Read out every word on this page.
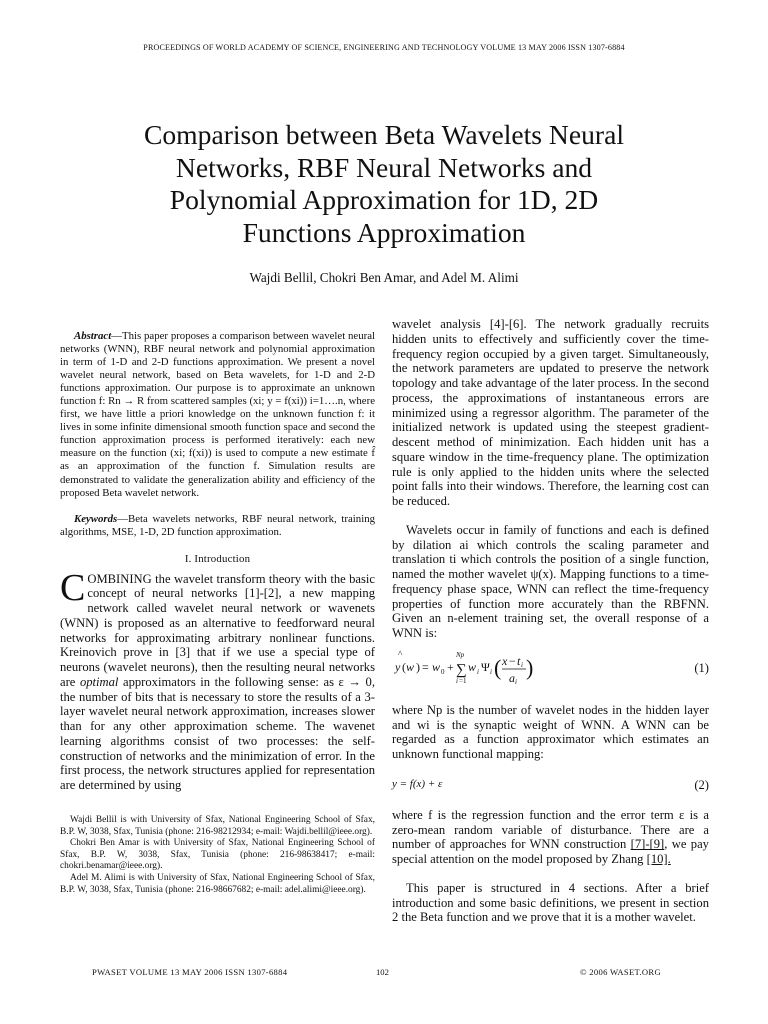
PROCEEDINGS OF WORLD ACADEMY OF SCIENCE, ENGINEERING AND TECHNOLOGY VOLUME 13 MAY 2006 ISSN 1307-6884
Comparison between Beta Wavelets Neural
Networks, RBF Neural Networks and
Polynomial Approximation for 1D, 2D
Functions Approximation
Wajdi Bellil, Chokri Ben Amar, and Adel M. Alimi

Abstract—This paper proposes a comparison between wavelet neural networks (WNN), RBF neural network and polynomial approximation in term of 1-D and 2-D functions approximation. We present a novel wavelet neural network, based on Beta wavelets, for 1-D and 2-D functions approximation. Our purpose is to approximate an unknown function f: Rn → R from scattered samples (xi; y = f(xi)) i=1….n, where first, we have little a priori knowledge on the unknown function f: it lives in some infinite dimensional smooth function space and second the function approximation process is performed iteratively: each new measure on the function (xi; f(xi)) is used to compute a new estimate f̂ as an approximation of the function f. Simulation results are demonstrated to validate the generalization ability and efficiency of the proposed Beta wavelet network.

Keywords—Beta wavelets networks, RBF neural network, training algorithms, MSE, 1-D, 2D function approximation.

I. Introduction

COMBINING the wavelet transform theory with the basic concept of neural networks [1]-[2], a new mapping network called wavelet neural network or wavenets (WNN) is proposed as an alternative to feedforward neural networks for approximating arbitrary nonlinear functions. Kreinovich prove in [3] that if we use a special type of neurons (wavelet neurons), then the resulting neural networks are optimal approximators in the following sense: as ε → 0, the number of bits that is necessary to store the results of a 3-layer wavelet neural network approximation, increases slower than for any other approximation scheme. The wavenet learning algorithms consist of two processes: the self-construction of networks and the minimization of error. In the first process, the network structures applied for representation are determined by using

Wajdi Bellil is with University of Sfax, National Engineering School of Sfax, B.P. W, 3038, Sfax, Tunisia (phone: 216-98212934; e-mail: Wajdi.bellil@ieee.org).

Chokri Ben Amar is with University of Sfax, National Engineering School of Sfax, B.P. W, 3038, Sfax, Tunisia (phone: 216-98638417; e-mail: chokri.benamar@ieee.org).

Adel M. Alimi is with University of Sfax, National Engineering School of Sfax, B.P. W, 3038, Sfax, Tunisia (phone: 216-98667682; e-mail: adel.alimi@ieee.org).

wavelet analysis [4]-[6]. The network gradually recruits hidden units to effectively and sufficiently cover the time-frequency region occupied by a given target. Simultaneously, the network parameters are updated to preserve the network topology and take advantage of the later process. In the second process, the approximations of instantaneous errors are minimized using a regressor algorithm. The parameter of the initialized network is updated using the steepest gradient-descent method of minimization. Each hidden unit has a square window in the time-frequency plane. The optimization rule is only applied to the hidden units where the selected point falls into their windows. Therefore, the learning cost can be reduced.

Wavelets occur in family of functions and each is defined by dilation ai which controls the scaling parameter and translation ti which controls the position of a single function, named the mother wavelet ψ(x). Mapping functions to a time-frequency phase space, WNN can reflect the time-frequency properties of function more accurately than the RBFNN. Given an n-element training set, the overall response of a WNN is:

^
y ( w ) = w 0 +
Np
∑
i =1
w i Ψ i ( x − t i
a i
)	(1)

where Np is the number of wavelet nodes in the hidden layer and wi is the synaptic weight of WNN. A WNN can be regarded as a function approximator which estimates an unknown functional mapping:

y = f(x) + ε	(2)

where f is the regression function and the error term ε is a zero-mean random variable of disturbance. There are a number of approaches for WNN construction [7]-[9], we pay special attention on the model proposed by Zhang [10].

This paper is structured in 4 sections. After a brief introduction and some basic definitions, we present in section 2 the Beta function and we prove that it is a mother wavelet.

PWASET VOLUME 13 MAY 2006 ISSN 1307-6884	102	© 2006 WASET.ORG
